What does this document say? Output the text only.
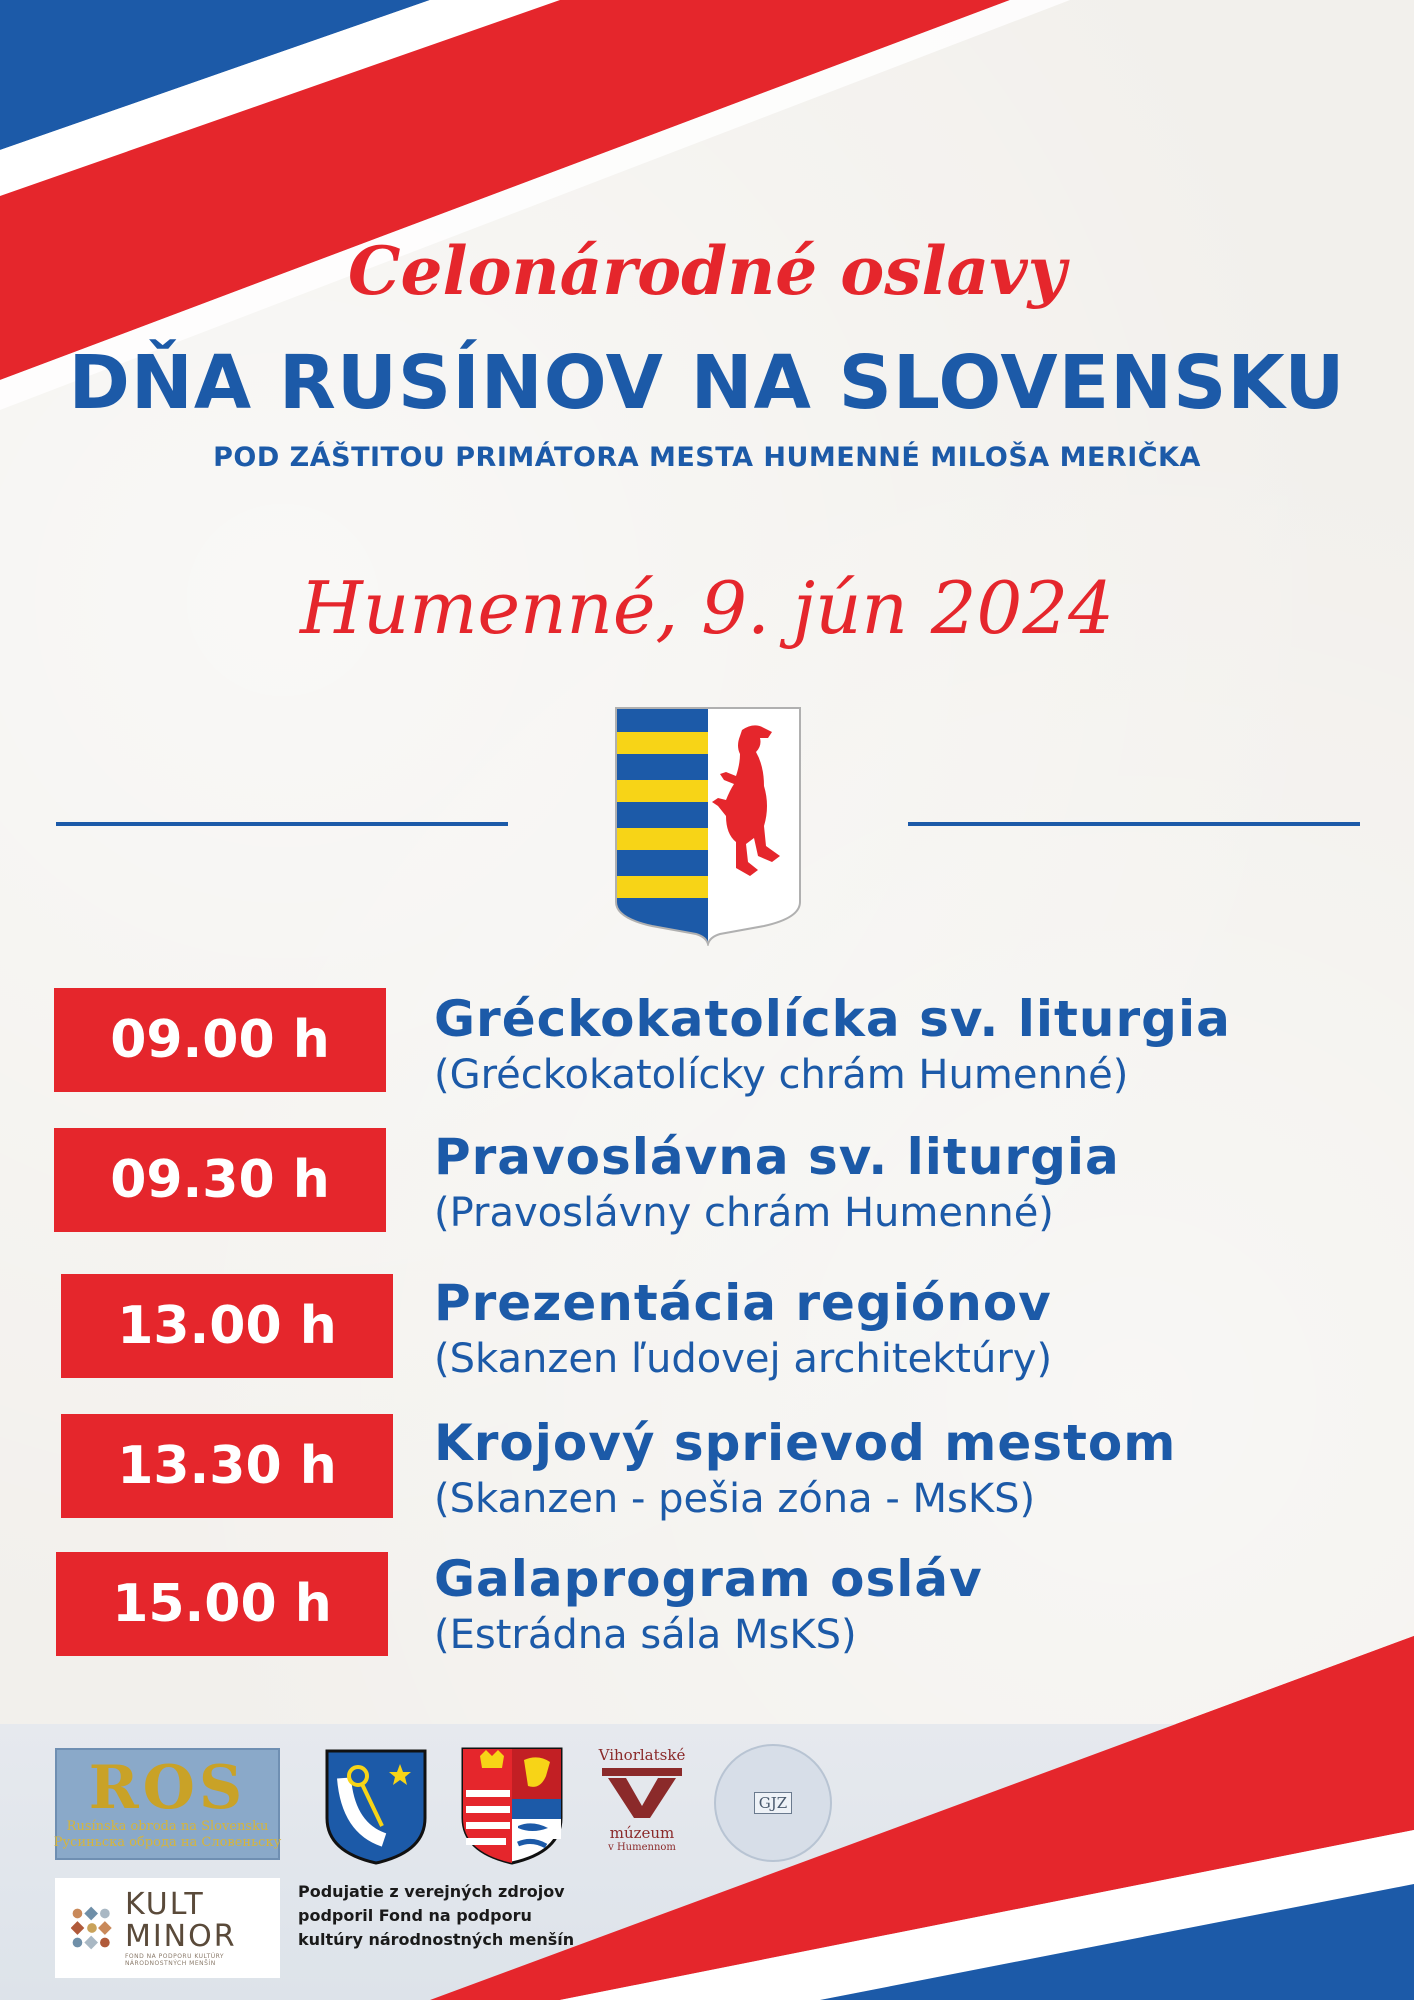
Celonárodné oslavy
DŇA RUSÍNOV NA SLOVENSKU
POD ZÁŠTITOU PRIMÁTORA MESTA HUMENNÉ MILOŠA MERIČKA
Humenné, 9. jún 2024
09.00 h	Gréckokatolícka sv. liturgia
(Gréckokatolícky chrám Humenné)
09.30 h	Pravoslávna sv. liturgia
(Pravoslávny chrám Humenné)
13.00 h	Prezentácia regiónov
(Skanzen ľudovej architektúry)
13.30 h	Krojový sprievod mestom
(Skanzen - pešia zóna - MsKS)
15.00 h	Galaprogram osláv
(Estrádna sála MsKS)
ROS
Rusínska obroda na Slovensku
Русиньска оброда на Словеньску
KULT
MINOR
FOND NA PODPORU KULTÚRY NÁRODNOSTNÝCH MENŠÍN
Podujatie z verejných zdrojov
podporil Fond na podporu
kultúry národnostných menšín
Vihorlatské
múzeum
v Humennom
GJZ
